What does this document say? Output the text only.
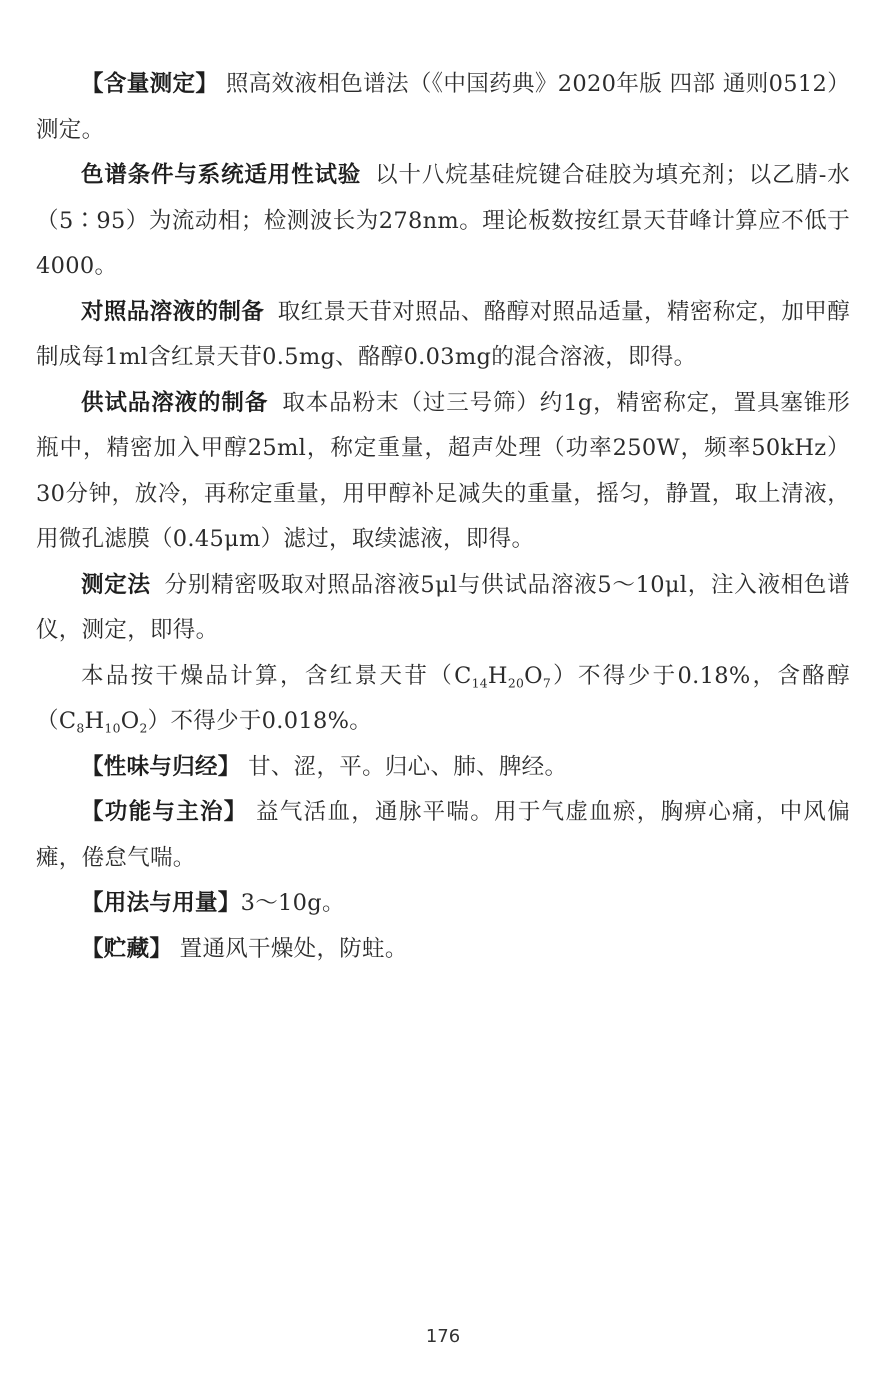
【含量测定】 照高效液相色谱法（《中国药典》2020年版 四部 通则0512）测定。

色谱条件与系统适用性试验 以十八烷基硅烷键合硅胶为填充剂；以乙腈-水（5∶95）为流动相；检测波长为278nm。理论板数按红景天苷峰计算应不低于4000。

对照品溶液的制备 取红景天苷对照品、酪醇对照品适量，精密称定，加甲醇制成每1ml含红景天苷0.5mg、酪醇0.03mg的混合溶液，即得。

供试品溶液的制备 取本品粉末（过三号筛）约1g，精密称定，置具塞锥形瓶中，精密加入甲醇25ml，称定重量，超声处理（功率250W，频率50kHz）30分钟，放冷，再称定重量，用甲醇补足减失的重量，摇匀，静置，取上清液，用微孔滤膜（0.45μm）滤过，取续滤液，即得。

测定法 分别精密吸取对照品溶液5μl与供试品溶液5～10μl，注入液相色谱仪，测定，即得。

本品按干燥品计算，含红景天苷$(C_{14}H_{20}O_7)$不得少于0.18%，含酪醇$(C_8H_{10}O_2)$不得少于0.018%。

【性味与归经】 甘、涩，平。归心、肺、脾经。

【功能与主治】 益气活血，通脉平喘。用于气虚血瘀，胸痹心痛，中风偏瘫，倦怠气喘。

【用法与用量】3～10g。

【贮藏】 置通风干燥处，防蛀。

176
